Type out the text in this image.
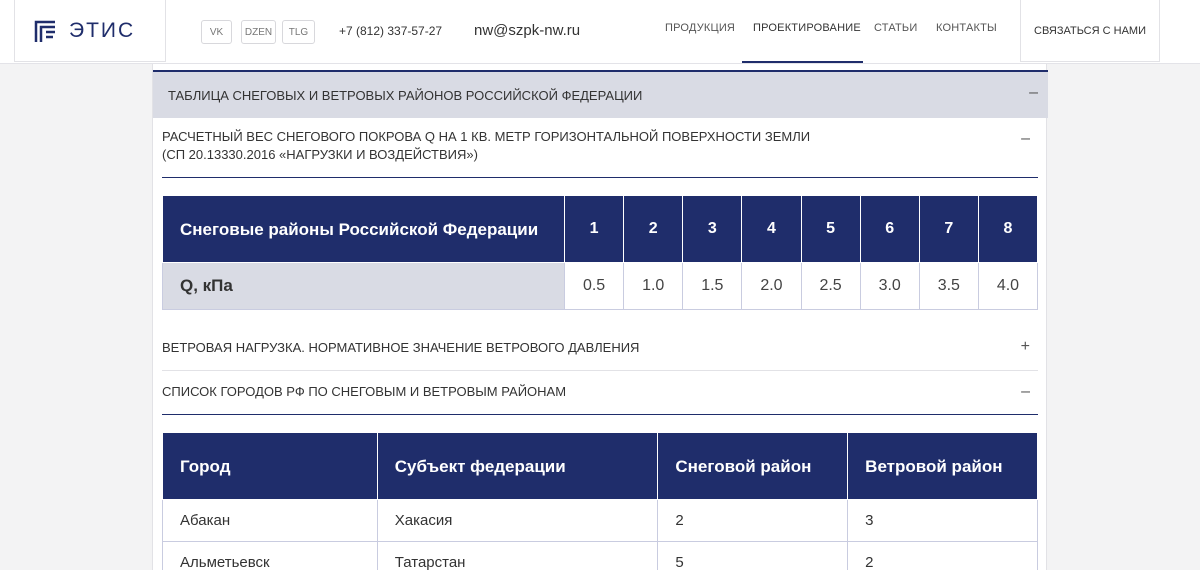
ЭТИС	VK	DZEN	TLG	+7 (812) 337-57-27 nw@szpk-nw.ru	ПРОДУКЦИЯ ПРОЕКТИРОВАНИЕ СТАТЬИ КОНТАКТЫ	СВЯЗАТЬСЯ С НАМИ
ТАБЛИЦА СНЕГОВЫХ И ВЕТРОВЫХ РАЙОНОВ РОССИЙСКОЙ ФЕДЕРАЦИИ	–
РАСЧЕТНЫЙ ВЕС СНЕГОВОГО ПОКРОВА Q НА 1 КВ. МЕТР ГОРИЗОНТАЛЬНОЙ ПОВЕРХНОСТИ ЗЕМЛИ
(СП 20.13330.2016 «НАГРУЗКИ И ВОЗДЕЙСТВИЯ»)
–
Снеговые районы Российской Федерации	1	2	3	4	5	6	7	8
Q, кПа	0.5	1.0	1.5	2.0	2.5	3.0	3.5	4.0
ВЕТРОВАЯ НАГРУЗКА. НОРМАТИВНОЕ ЗНАЧЕНИЕ ВЕТРОВОГО ДАВЛЕНИЯ	+
СПИСОК ГОРОДОВ РФ ПО СНЕГОВЫМ И ВЕТРОВЫМ РАЙОНАМ	–
Город	Субъект федерации	Снеговой район	Ветровой район
Абакан	Хакасия	2	3
Альметьевск	Татарстан	5	2
